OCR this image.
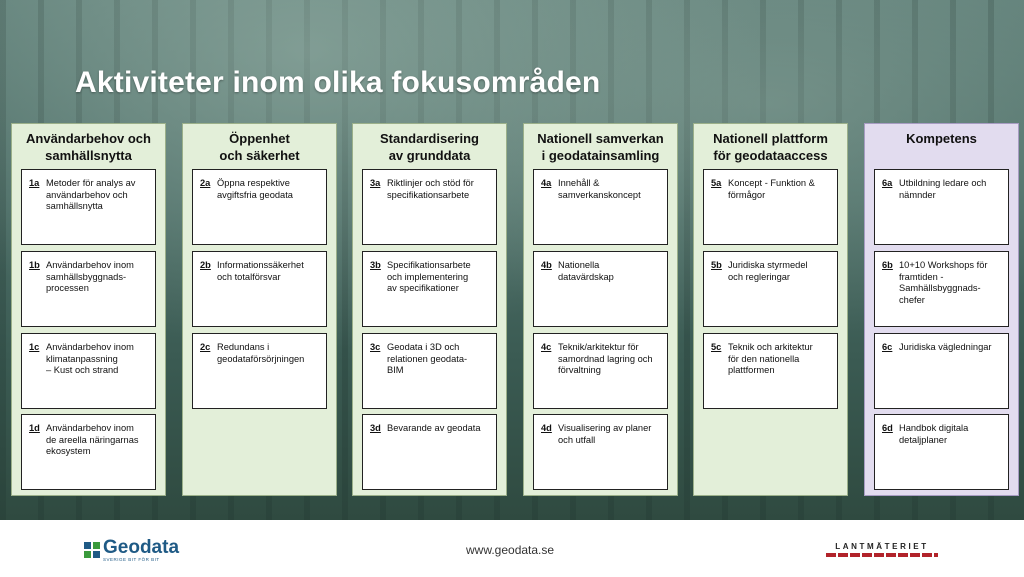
Aktiviteter inom olika fokusområden
Användarbehov och
samhällsnytta
1a Metoder för analys av
användarbehov och
samhällsnytta
1b Användarbehov inom
samhällsbyggnads-
processen
1c Användarbehov inom
klimatanpassning
– Kust och strand
1d Användarbehov inom
de areella näringarnas
ekosystem
Öppenhet
och säkerhet
2a Öppna respektive
avgiftsfria geodata
2b Informationssäkerhet
och totalförsvar
2c Redundans i
geodataförsörjningen
Standardisering
av grunddata
3a Riktlinjer och stöd för
specifikationsarbete
3b Specifikationsarbete
och implementering
av specifikationer
3c Geodata i 3D och
relationen geodata-
BIM
3d Bevarande av geodata
Nationell samverkan
i geodatainsamling
4a Innehåll &
samverkanskoncept
4b Nationella
datavärdskap
4c Teknik/arkitektur för
samordnad lagring och
förvaltning
4d Visualisering av planer
och utfall
Nationell plattform
för geodataaccess
5a Koncept - Funktion &
förmågor
5b Juridiska styrmedel
och regleringar
5c Teknik och arkitektur
för den nationella
plattformen
Kompetens
6a Utbildning ledare och
nämnder
6b 10+10 Workshops för
framtiden -
Samhällsbyggnads-
chefer
6c Juridiska vägledningar
6d Handbok digitala
detaljplaner
Geodata
SVERIGE BIT FÖR BIT
www.geodata.se	LANTMÄTERIET
